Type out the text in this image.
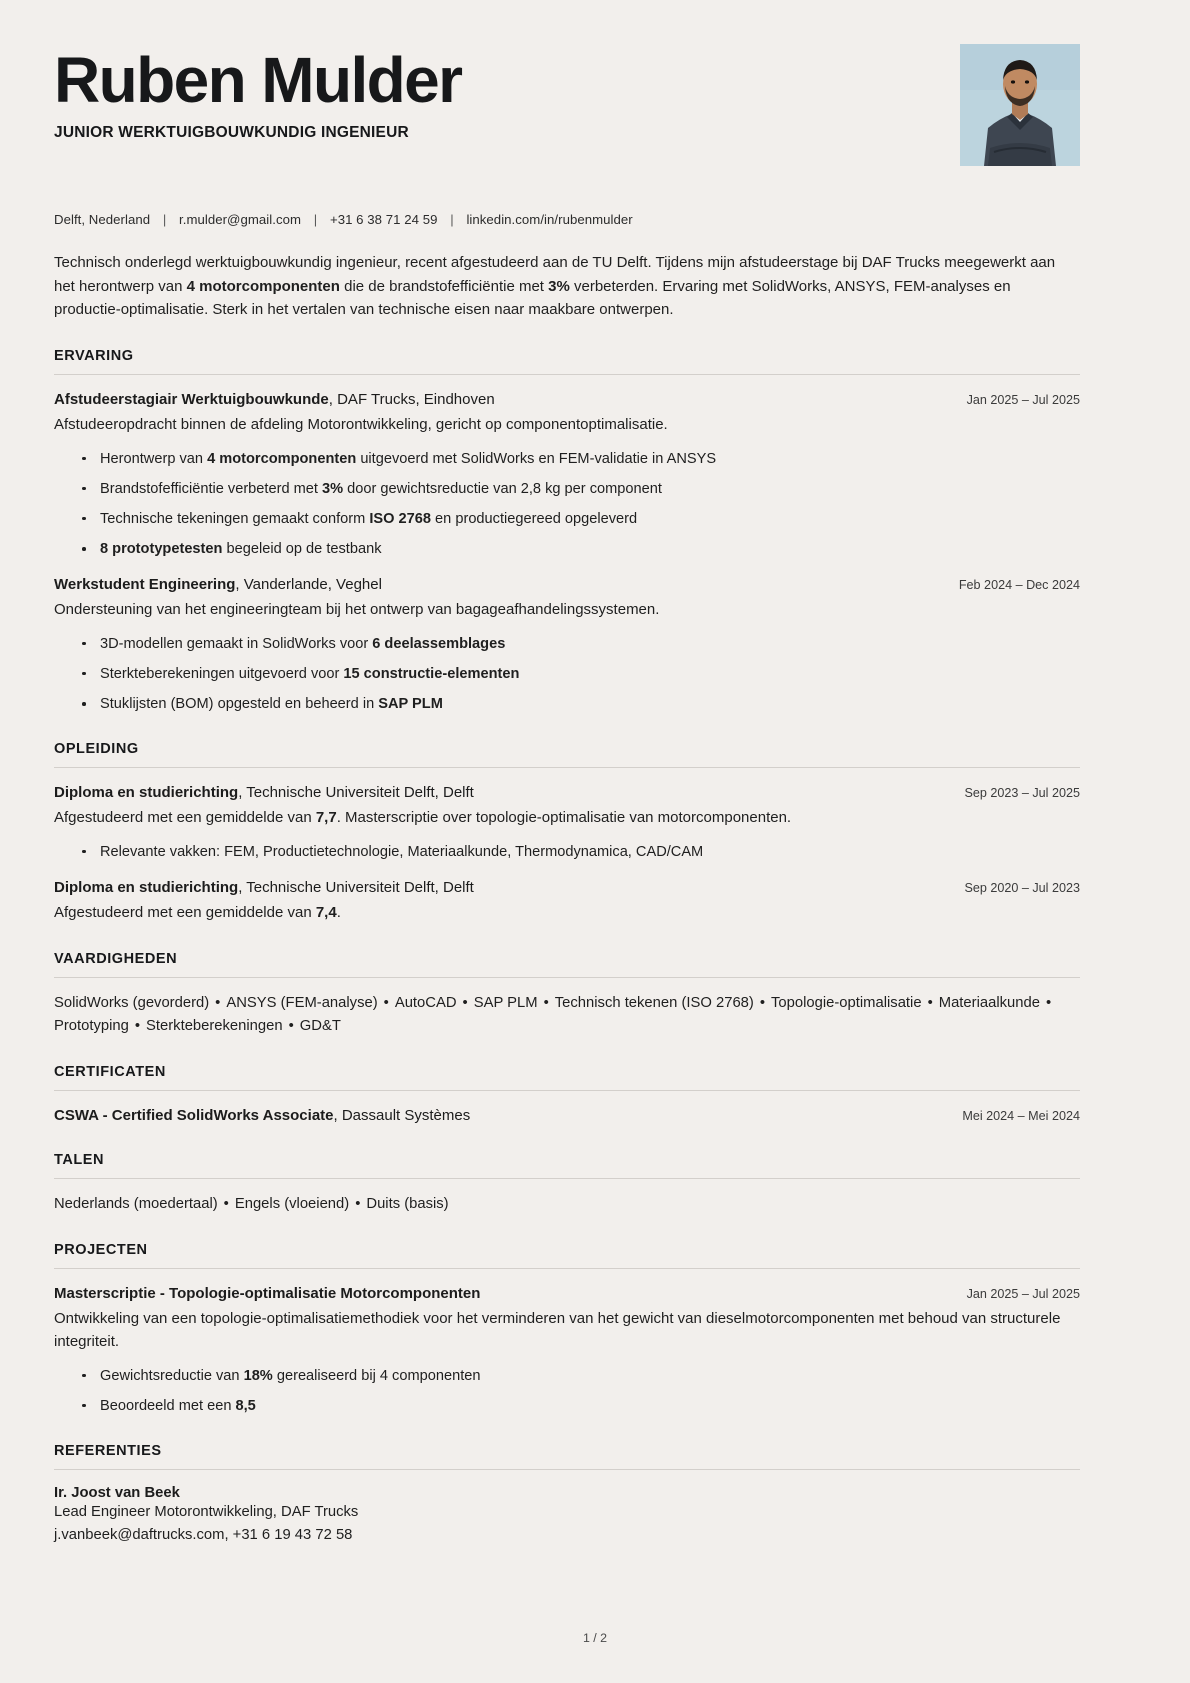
Ruben Mulder
JUNIOR WERKTUIGBOUWKUNDIG INGENIEUR
Delft, Nederland | r.mulder@gmail.com | +31 6 38 71 24 59 | linkedin.com/in/rubenmulder
Technisch onderlegd werktuigbouwkundig ingenieur, recent afgestudeerd aan de TU Delft. Tijdens mijn afstudeerstage bij DAF Trucks meegewerkt aan het herontwerp van 4 motorcomponenten die de brandstofefficiëntie met 3% verbeterden. Ervaring met SolidWorks, ANSYS, FEM-analyses en productie-optimalisatie. Sterk in het vertalen van technische eisen naar maakbare ontwerpen.
ERVARING
Afstudeerstagiair Werktuigbouwkunde, DAF Trucks, Eindhoven	Jan 2025 – Jul 2025
Afstudeeropdracht binnen de afdeling Motorontwikkeling, gericht op componentoptimalisatie.
Herontwerp van 4 motorcomponenten uitgevoerd met SolidWorks en FEM-validatie in ANSYS
Brandstofefficiëntie verbeterd met 3% door gewichtsreductie van 2,8 kg per component
Technische tekeningen gemaakt conform ISO 2768 en productiegereed opgeleverd
8 prototypetesten begeleid op de testbank
Werkstudent Engineering, Vanderlande, Veghel	Feb 2024 – Dec 2024
Ondersteuning van het engineeringteam bij het ontwerp van bagageafhandelingssystemen.
3D-modellen gemaakt in SolidWorks voor 6 deelassemblages
Sterkteberekeningen uitgevoerd voor 15 constructie-elementen
Stuklijsten (BOM) opgesteld en beheerd in SAP PLM
OPLEIDING
Diploma en studierichting, Technische Universiteit Delft, Delft	Sep 2023 – Jul 2025
Afgestudeerd met een gemiddelde van 7,7. Masterscriptie over topologie-optimalisatie van motorcomponenten.
Relevante vakken: FEM, Productietechnologie, Materiaalkunde, Thermodynamica, CAD/CAM
Diploma en studierichting, Technische Universiteit Delft, Delft	Sep 2020 – Jul 2023
Afgestudeerd met een gemiddelde van 7,4.
VAARDIGHEDEN
SolidWorks (gevorderd) • ANSYS (FEM-analyse) • AutoCAD • SAP PLM • Technisch tekenen (ISO 2768) • Topologie-optimalisatie • Materiaalkunde •Prototyping • Sterkteberekeningen • GD&T
CERTIFICATEN
CSWA - Certified SolidWorks Associate, Dassault Systèmes	Mei 2024 – Mei 2024
TALEN
Nederlands (moedertaal) • Engels (vloeiend) • Duits (basis)
PROJECTEN
Masterscriptie - Topologie-optimalisatie Motorcomponenten	Jan 2025 – Jul 2025
Ontwikkeling van een topologie-optimalisatiemethodiek voor het verminderen van het gewicht van dieselmotorcomponenten met behoud van structurele integriteit.
Gewichtsreductie van 18% gerealiseerd bij 4 componenten
Beoordeeld met een 8,5
REFERENTIES
Ir. Joost van Beek
Lead Engineer Motorontwikkeling, DAF Trucks
j.vanbeek@daftrucks.com, +31 6 19 43 72 58
1 / 2
